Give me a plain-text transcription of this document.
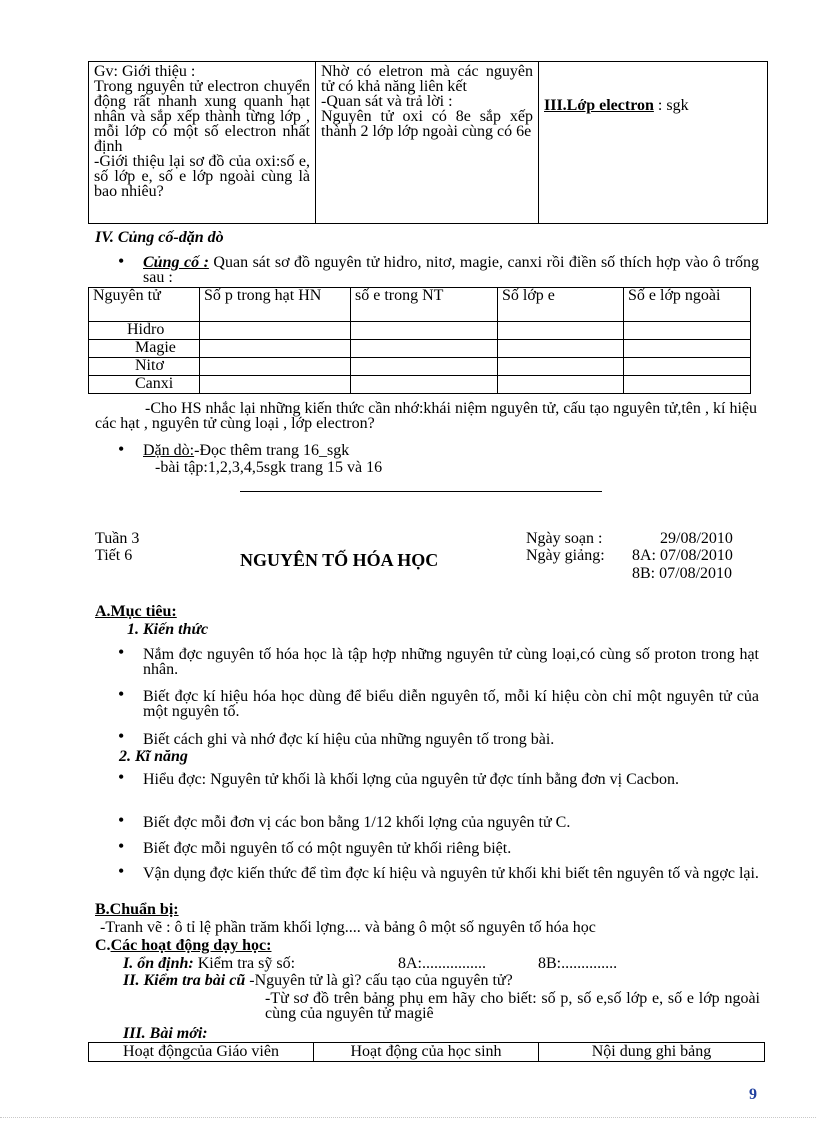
Gv: Giới thiệu :
Trong nguyên tử electron chuyển động rất nhanh xung quanh hạt nhân và sắp xếp thành từng lớp , mỗi lớp có một số electron nhất định
-Giới thiệu lại sơ đồ của oxi:số e, số lớp e, số e lớp ngoài cùng là bao nhiêu?

Nhờ có eletron mà các nguyên tử có khả năng liên kết
-Quan sát và trả lời :
Nguyên tử oxi có 8e sắp xếp thành 2 lớp lớp ngoài cùng có 6e

III.Lớp electron : sgk
IV. Củng cố-dặn dò
• Củng cố : Quan sát sơ đồ nguyên tử hidro, nitơ, magie, canxi rồi điền số thích hợp vào ô trống sau :
Nguyên tử	Số p trong hạt HN	số e trong NT	Số lớp e	Số e lớp ngoài
Hidro				
Magie				
Nitơ				
Canxi				
-Cho HS nhắc lại những kiến thức cần nhớ:khái niệm nguyên tử, cấu tạo nguyên tử,tên , kí hiệu các hạt , nguyên tử cùng loại , lớp electron?
• Dặn dò:-Đọc thêm trang 16_sgk
-bài tập:1,2,3,4,5sgk trang 15 và 16
Tuần 3
Tiết 6	NGUYÊN TỐ HÓA HỌC
Ngày soạn :	29/08/2010
Ngày giảng: 8A: 07/08/2010
8B: 07/08/2010
A.Mục tiêu:
1. Kiến thức
• Nắm đợc nguyên tố hóa học là tập hợp những nguyên tử cùng loại,có cùng số proton trong hạt nhân.
• Biết đợc kí hiệu hóa học dùng để biểu diễn nguyên tố, mỗi kí hiệu còn chỉ một nguyên tử của một nguyên tố.
• Biết cách ghi và nhớ đợc kí hiệu của những nguyên tố trong bài.
2. Kĩ năng
• Hiểu đợc: Nguyên tử khối là khối lợng của nguyên tử đợc tính bằng đơn vị Cacbon.
• Biết đợc mỗi đơn vị các bon bằng 1/12 khối lợng của nguyên tử C.
• Biết đợc mỗi nguyên tố có một nguyên tử khối riêng biệt.
• Vận dụng đợc kiến thức để tìm đợc kí hiệu và nguyên tử khối khi biết tên nguyên tố và ngợc lại.
B.Chuẩn bị:
-Tranh vẽ : ô tỉ lệ phần trăm khối lợng.... và bảng ô một số nguyên tố hóa học
C.Các hoạt động dạy học:
I. ổn định: Kiểm tra sỹ số:	8A:................	8B:..............
II. Kiểm tra bài cũ -Nguyên tử là gì? cấu tạo của nguyên tử?
-Từ sơ đồ trên bảng phụ em hãy cho biết: số p, số e,số lớp e, số e lớp ngoài cùng của nguyên tử magiê
III. Bài mới:
Hoạt độngcủa Giáo viên	Hoạt động của học sinh	Nội dung ghi bảng
9
